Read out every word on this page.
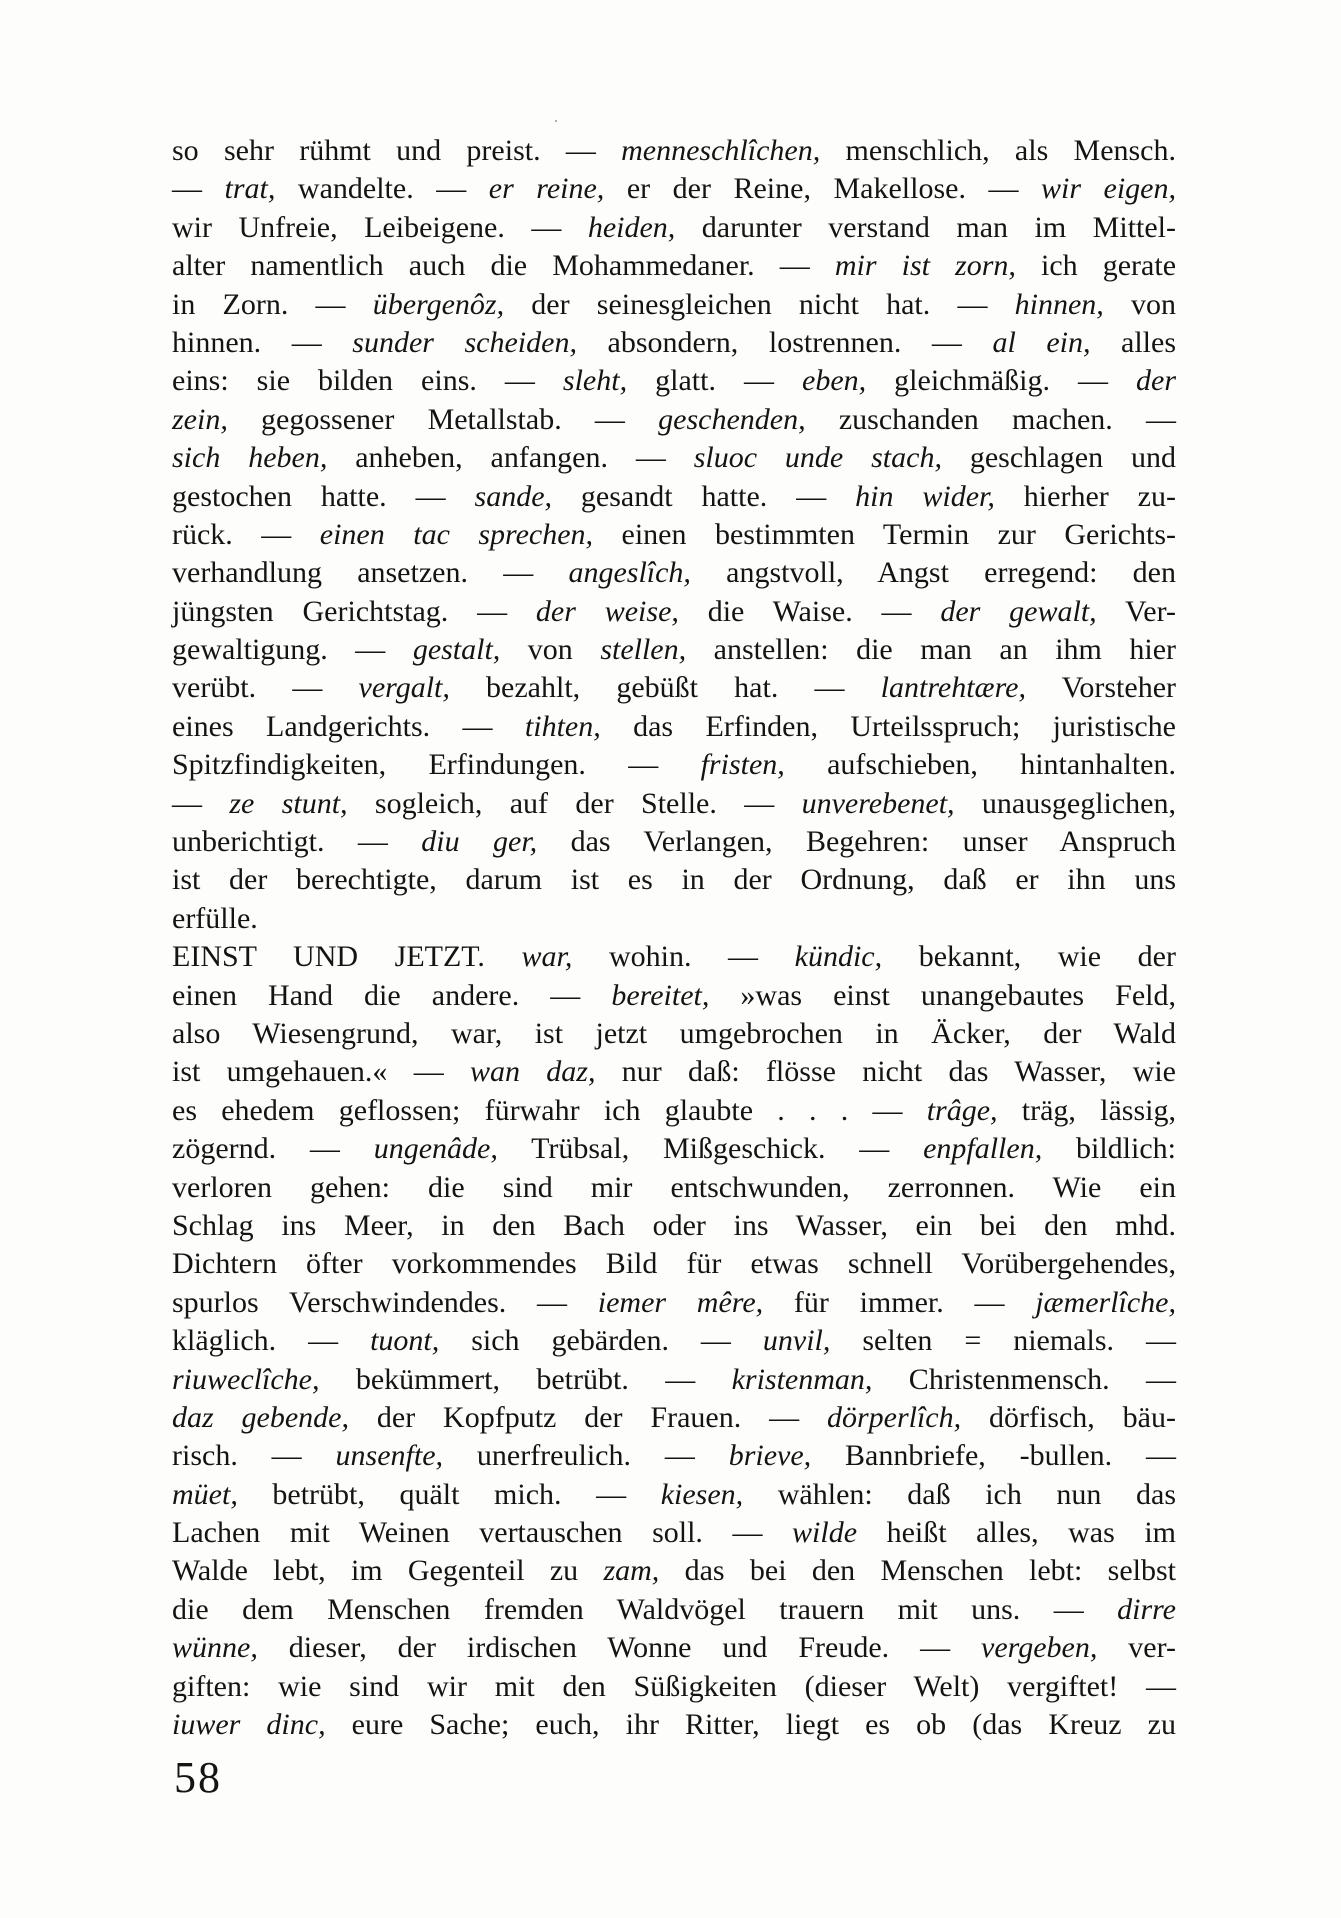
so sehr rühmt und preist. — menneschlîchen, menschlich, als Mensch.
— trat, wandelte. — er reine, er der Reine, Makellose. — wir eigen,
wir Unfreie, Leibeigene. — heiden, darunter verstand man im Mittel-
alter namentlich auch die Mohammedaner. — mir ist zorn, ich gerate
in Zorn. — übergenôz, der seinesgleichen nicht hat. — hinnen, von
hinnen. — sunder scheiden, absondern, lostrennen. — al ein, alles
eins: sie bilden eins. — sleht, glatt. — eben, gleichmäßig. — der
zein, gegossener Metallstab. — geschenden, zuschanden machen. —
sich heben, anheben, anfangen. — sluoc unde stach, geschlagen und
gestochen hatte. — sande, gesandt hatte. — hin wider, hierher zu-
rück. — einen tac sprechen, einen bestimmten Termin zur Gerichts-
verhandlung ansetzen. — angeslîch, angstvoll, Angst erregend: den
jüngsten Gerichtstag. — der weise, die Waise. — der gewalt, Ver-
gewaltigung. — gestalt, von stellen, anstellen: die man an ihm hier
verübt. — vergalt, bezahlt, gebüßt hat. — lantrehtære, Vorsteher
eines Landgerichts. — tihten, das Erfinden, Urteilsspruch; juristische
Spitzfindigkeiten, Erfindungen. — fristen, aufschieben, hintanhalten.
— ze stunt, sogleich, auf der Stelle. — unverebenet, unausgeglichen,
unberichtigt. — diu ger, das Verlangen, Begehren: unser Anspruch
ist der berechtigte, darum ist es in der Ordnung, daß er ihn uns
erfülle.
EINST UND JETZT. war, wohin. — kündic, bekannt, wie der
einen Hand die andere. — bereitet, »was einst unangebautes Feld,
also Wiesengrund, war, ist jetzt umgebrochen in Äcker, der Wald
ist umgehauen.« — wan daz, nur daß: flösse nicht das Wasser, wie
es ehedem geflossen; fürwahr ich glaubte . . . — trâge, träg, lässig,
zögernd. — ungenâde, Trübsal, Mißgeschick. — enpfallen, bildlich:
verloren gehen: die sind mir entschwunden, zerronnen. Wie ein
Schlag ins Meer, in den Bach oder ins Wasser, ein bei den mhd.
Dichtern öfter vorkommendes Bild für etwas schnell Vorübergehendes,
spurlos Verschwindendes. — iemer mêre, für immer. — jæmerlîche,
kläglich. — tuont, sich gebärden. — unvil, selten = niemals. —
riuweclîche, bekümmert, betrübt. — kristenman, Christenmensch. —
daz gebende, der Kopfputz der Frauen. — dörperlîch, dörfisch, bäu-
risch. — unsenfte, unerfreulich. — brieve, Bannbriefe, -bullen. —
müet, betrübt, quält mich. — kiesen, wählen: daß ich nun das
Lachen mit Weinen vertauschen soll. — wilde heißt alles, was im
Walde lebt, im Gegenteil zu zam, das bei den Menschen lebt: selbst
die dem Menschen fremden Waldvögel trauern mit uns. — dirre
wünne, dieser, der irdischen Wonne und Freude. — vergeben, ver-
giften: wie sind wir mit den Süßigkeiten (dieser Welt) vergiftet! —
iuwer dinc, eure Sache; euch, ihr Ritter, liegt es ob (das Kreuz zu
58
